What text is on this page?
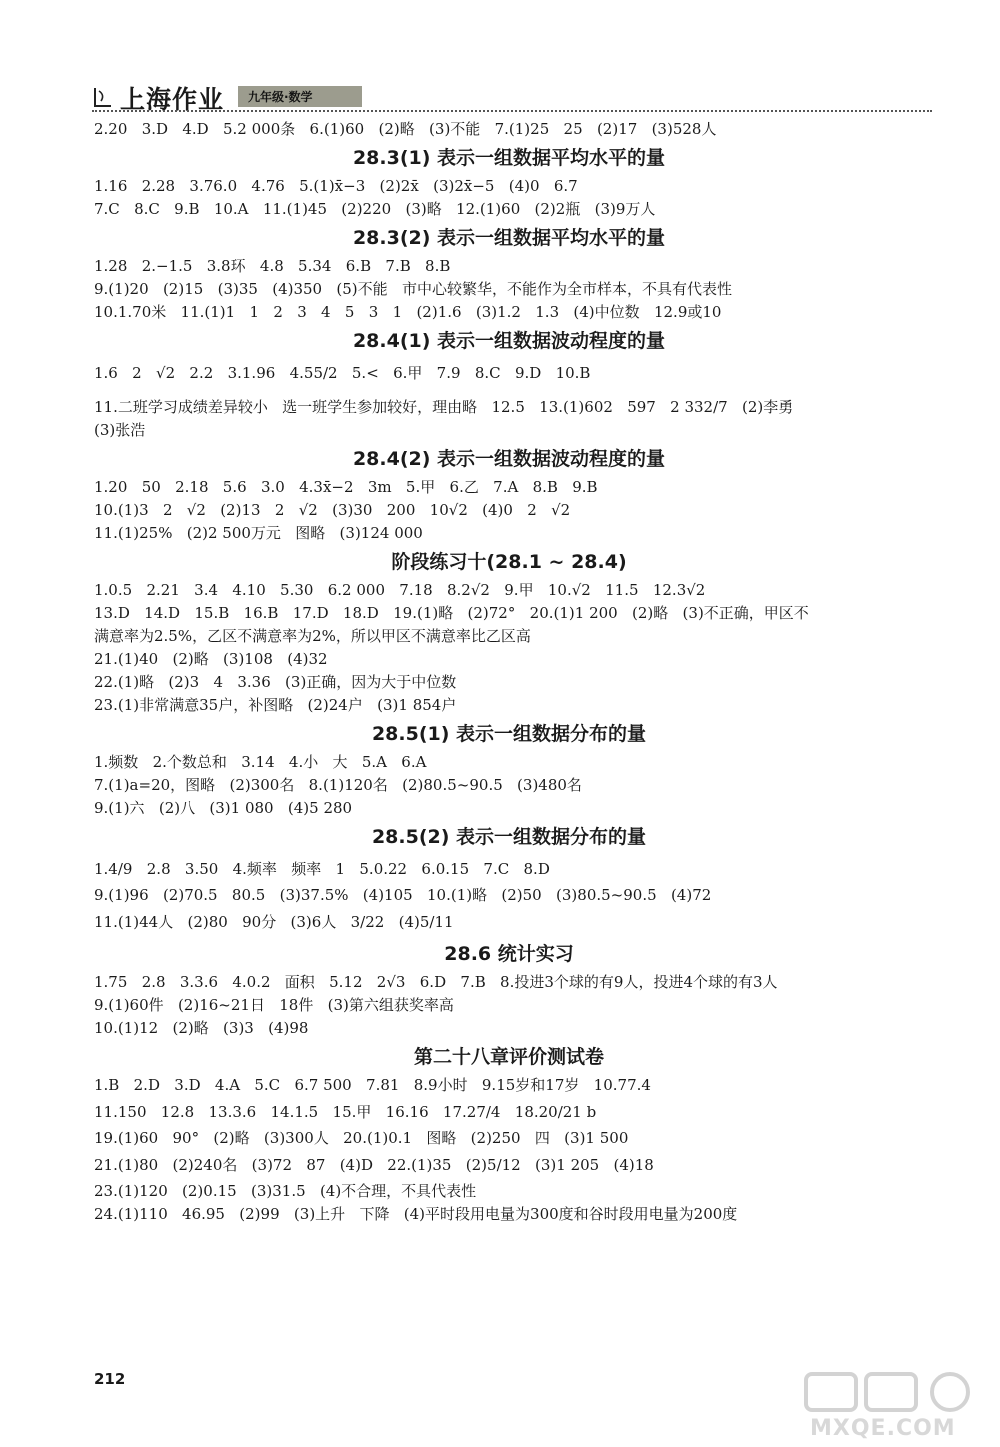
上海作业	九年级·数学
2.20   3.D   4.D   5.2 000条   6.(1)60   (2)略   (3)不能   7.(1)25   25   (2)17   (3)528人
28.3(1) 表示一组数据平均水平的量
1.16   2.28   3.76.0   4.76   5.(1)x̄−3   (2)2x̄   (3)2x̄−5   (4)0   6.7
7.C   8.C   9.B   10.A   11.(1)45   (2)220   (3)略   12.(1)60   (2)2瓶   (3)9万人
28.3(2) 表示一组数据平均水平的量
1.28   2.−1.5   3.8环   4.8   5.34   6.B   7.B   8.B
9.(1)20   (2)15   (3)35   (4)350   (5)不能   市中心较繁华，不能作为全市样本，不具有代表性
10.1.70米   11.(1)1   1   2   3   4   5   3   1   (2)1.6   (3)1.2   1.3   (4)中位数   12.9或10
28.4(1) 表示一组数据波动程度的量
1.6   2   √2   2.2   3.1.96   4.55/2   5.<   6.甲   7.9   8.C   9.D   10.B
11.二班学习成绩差异较小   选一班学生参加较好，理由略   12.5   13.(1)602   597   2 332/7   (2)李勇
(3)张浩
28.4(2) 表示一组数据波动程度的量
1.20   50   2.18   5.6   3.0   4.3x̄−2   3m   5.甲   6.乙   7.A   8.B   9.B
10.(1)3   2   √2   (2)13   2   √2   (3)30   200   10√2   (4)0   2   √2
11.(1)25%   (2)2 500万元   图略   (3)124 000
阶段练习十(28.1 ~ 28.4)
1.0.5   2.21   3.4   4.10   5.30   6.2 000   7.18   8.2√2   9.甲   10.√2   11.5   12.3√2
13.D   14.D   15.B   16.B   17.D   18.D   19.(1)略   (2)72°   20.(1)1 200   (2)略   (3)不正确，甲区不
满意率为2.5%，乙区不满意率为2%，所以甲区不满意率比乙区高
21.(1)40   (2)略   (3)108   (4)32
22.(1)略   (2)3   4   3.36   (3)正确，因为大于中位数
23.(1)非常满意35户，补图略   (2)24户   (3)1 854户
28.5(1) 表示一组数据分布的量
1.频数   2.个数总和   3.14   4.小   大   5.A   6.A
7.(1)a=20，图略   (2)300名   8.(1)120名   (2)80.5~90.5   (3)480名
9.(1)六   (2)八   (3)1 080   (4)5 280
28.5(2) 表示一组数据分布的量
1.4/9   2.8   3.50   4.频率   频率   1   5.0.22   6.0.15   7.C   8.D
9.(1)96   (2)70.5   80.5   (3)37.5%   (4)105   10.(1)略   (2)50   (3)80.5~90.5   (4)72
11.(1)44人   (2)80   90分   (3)6人   3/22   (4)5/11
28.6 统计实习
1.75   2.8   3.3.6   4.0.2   面积   5.12   2√3   6.D   7.B   8.投进3个球的有9人，投进4个球的有3人
9.(1)60件   (2)16~21日   18件   (3)第六组获奖率高
10.(1)12   (2)略   (3)3   (4)98
第二十八章评价测试卷
1.B   2.D   3.D   4.A   5.C   6.7 500   7.81   8.9小时   9.15岁和17岁   10.77.4
11.150   12.8   13.3.6   14.1.5   15.甲   16.16   17.27/4   18.20/21 b
19.(1)60   90°   (2)略   (3)300人   20.(1)0.1   图略   (2)250   四   (3)1 500
21.(1)80   (2)240名   (3)72   87   (4)D   22.(1)35   (2)5/12   (3)1 205   (4)18
23.(1)120   (2)0.15   (3)31.5   (4)不合理，不具代表性
24.(1)110   46.95   (2)99   (3)上升   下降   (4)平时段用电量为300度和谷时段用电量为200度
212
MXQE.COM
